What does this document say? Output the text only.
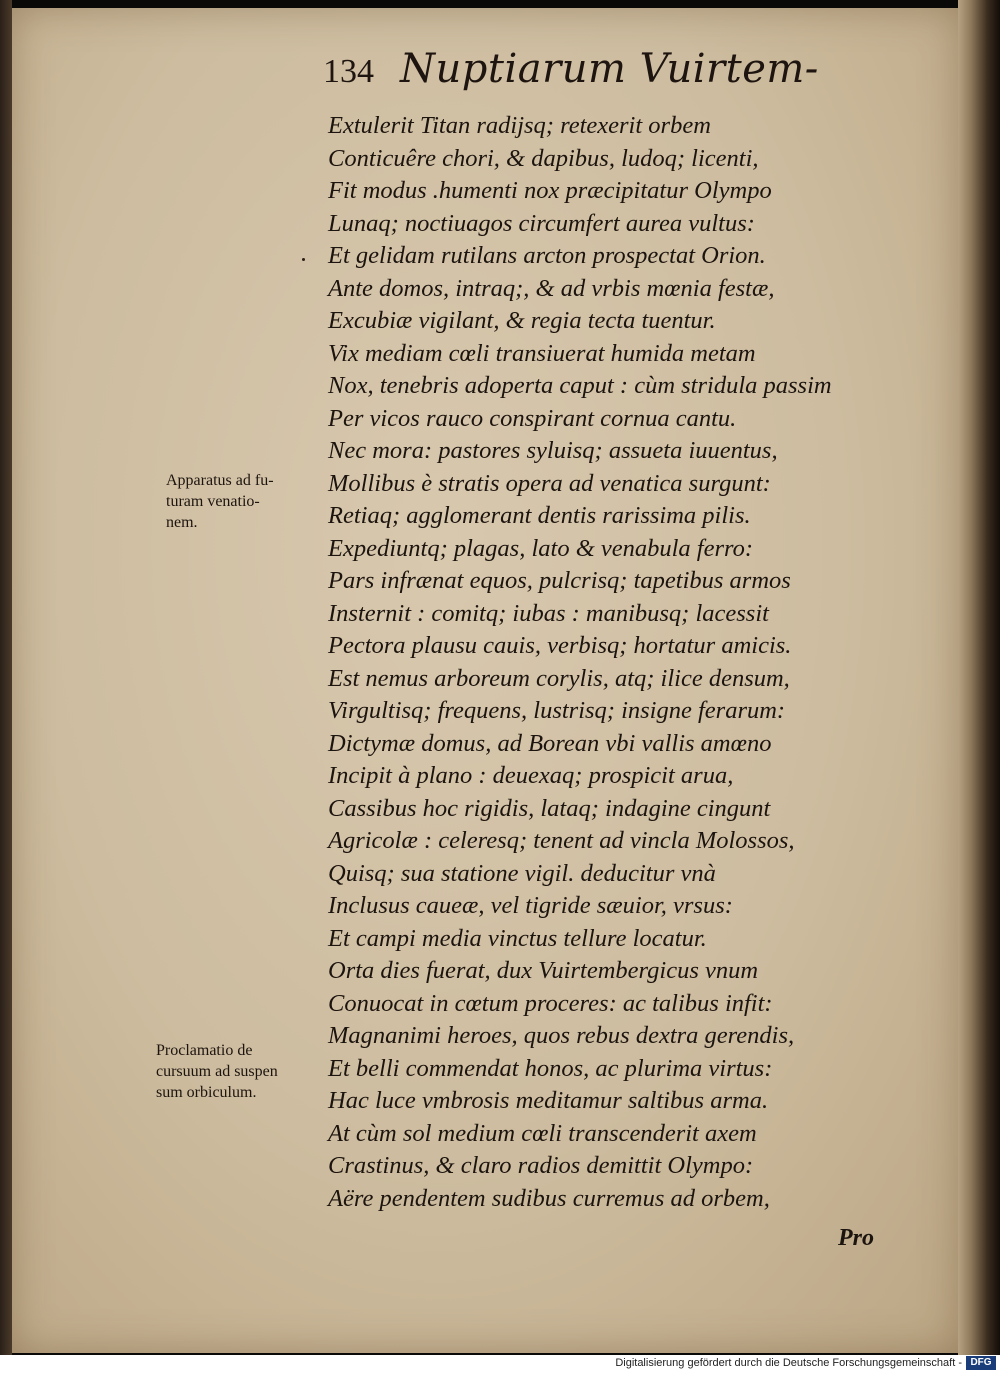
134 Nuptiarum Vuirtem-
Extulerit Titan radijsq; retexerit orbem
Conticuêre chori, & dapibus, ludoq; licenti,
Fit modus .humenti nox præcipitatur Olympo
Lunaq; noctiuagos circumfert aurea vultus:
Et gelidam rutilans arcton prospectat Orion.
Ante domos, intraq;, & ad vrbis mœnia festæ,
Excubiæ vigilant, & regia tecta tuentur.
Vix mediam cœli transiuerat humida metam
Nox, tenebris adoperta caput : cùm stridula passim
Per vicos rauco conspirant cornua cantu.
Nec mora: pastores syluisq; assueta iuuentus,
Mollibus è stratis opera ad venatica surgunt:
Retiaq; agglomerant dentis rarissima pilis.
Expediuntq; plagas, lato & venabula ferro:
Pars infrænat equos, pulcrisq; tapetibus armos
Insternit : comitq; iubas : manibusq; lacessit
Pectora plausu cauis, verbisq; hortatur amicis.
Est nemus arboreum corylis, atq; ilice densum,
Virgultisq; frequens, lustrisq; insigne ferarum:
Dictymæ domus, ad Borean vbi vallis amœno
Incipit à plano : deuexaq; prospicit arua,
Cassibus hoc rigidis, lataq; indagine cingunt
Agricolæ : celeresq; tenent ad vincla Molossos,
Quisq; sua statione vigil. deducitur vnà
Inclusus caueæ, vel tigride sæuior, vrsus:
Et campi media vinctus tellure locatur.
Orta dies fuerat, dux Vuirtembergicus vnum
Conuocat in cœtum proceres: ac talibus infit:
Magnanimi heroes, quos rebus dextra gerendis,
Et belli commendat honos, ac plurima virtus:
Hac luce vmbrosis meditamur saltibus arma.
At cùm sol medium cœli transcenderit axem
Crastinus, & claro radios demittit Olympo:
Aëre pendentem sudibus curremus ad orbem,
Apparatus ad fu-
turam venatio-
nem.
Proclamatio de
cursuum ad suspen
sum orbiculum.
Pro
Digitalisierung gefördert durch die Deutsche Forschungsgemeinschaft - DFG
